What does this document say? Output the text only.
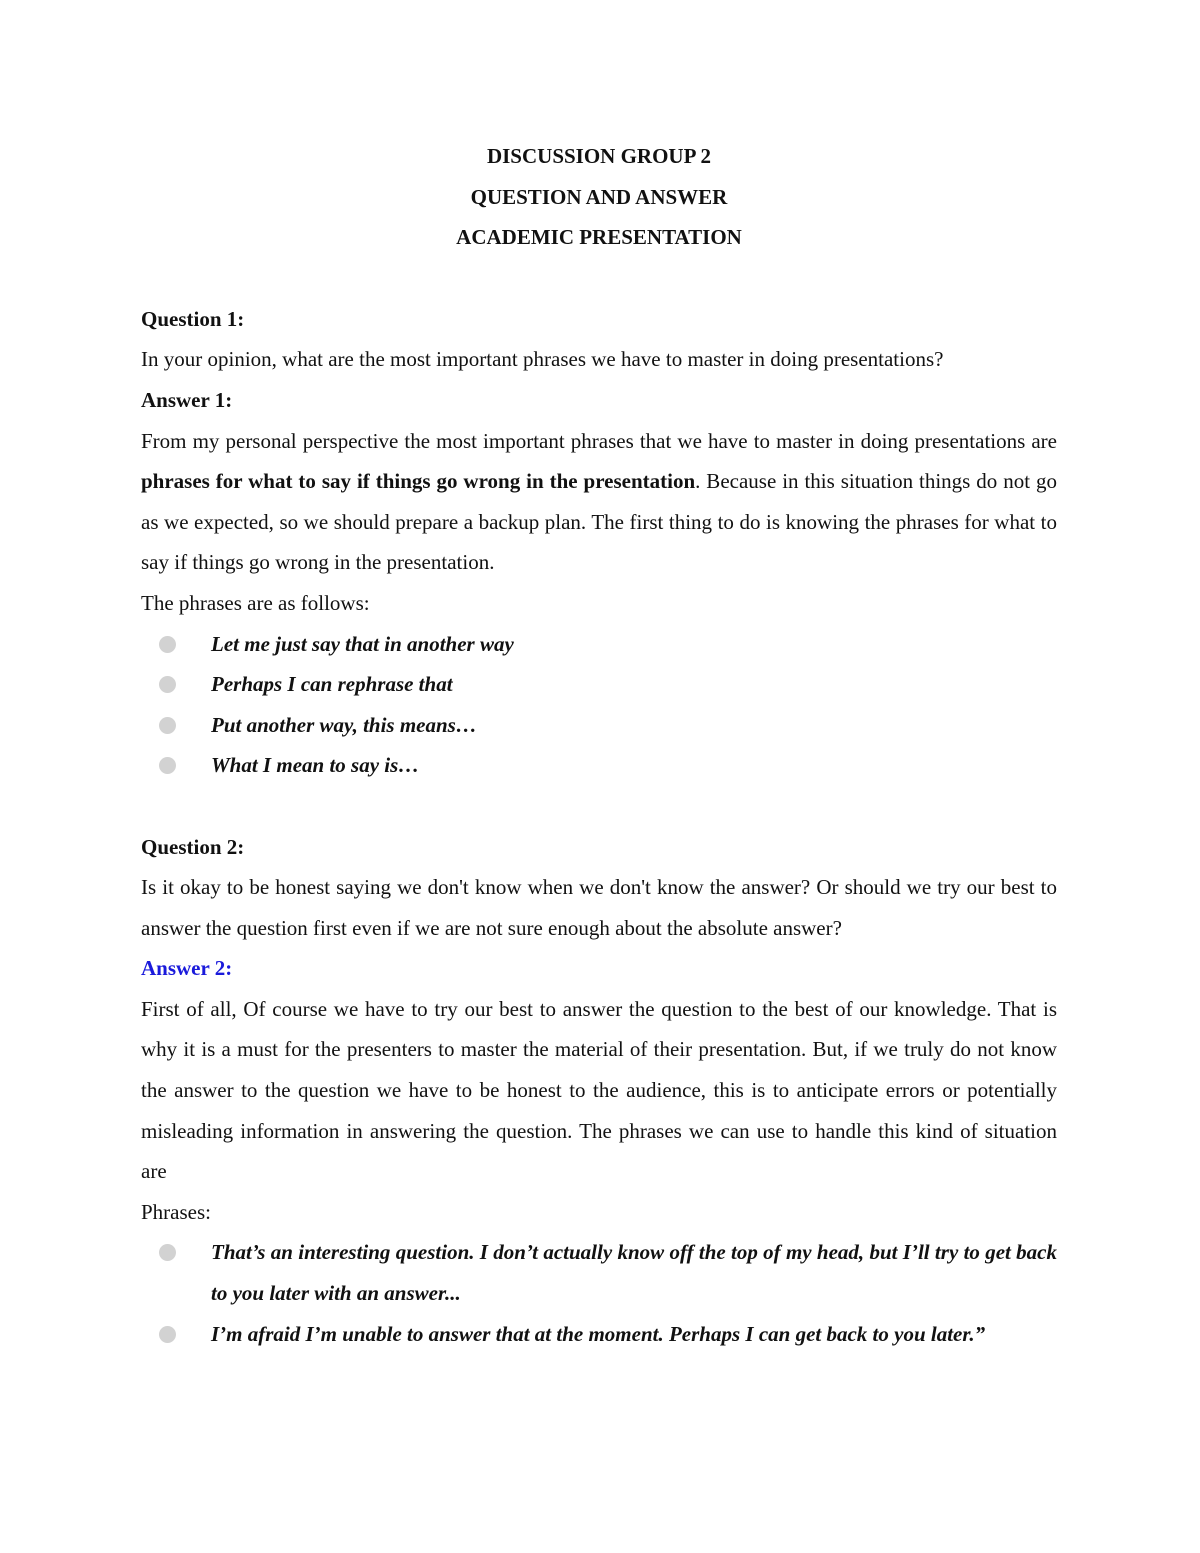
DISCUSSION GROUP 2
QUESTION AND ANSWER
ACADEMIC PRESENTATION
Question 1:
In your opinion, what are the most important phrases we have to master in doing presentations?
Answer 1:
From my personal perspective the most important phrases that we have to master in doing presentations are phrases for what to say if things go wrong in the presentation. Because in this situation things do not go as we expected, so we should prepare a backup plan. The first thing to do is knowing the phrases for what to say if things go wrong in the presentation.
The phrases are as follows:
Let me just say that in another way
Perhaps I can rephrase that
Put another way, this means…
What I mean to say is…
Question 2:
Is it okay to be honest saying we don't know when we don't know the answer? Or should we try our best to answer the question first even if we are not sure enough about the absolute answer?
Answer 2:
First of all, Of course we have to try our best to answer the question to the best of our knowledge. That is why it is a must for the presenters to master the material of their presentation. But, if we truly do not know the answer to the question we have to be honest to the audience, this is to anticipate errors or potentially misleading information in answering the question. The phrases we can use to handle this kind of situation are
Phrases:
That’s an interesting question. I don’t actually know off the top of my head, but I’ll try to get back to you later with an answer...
I’m afraid I’m unable to answer that at the moment. Perhaps I can get back to you later.”
